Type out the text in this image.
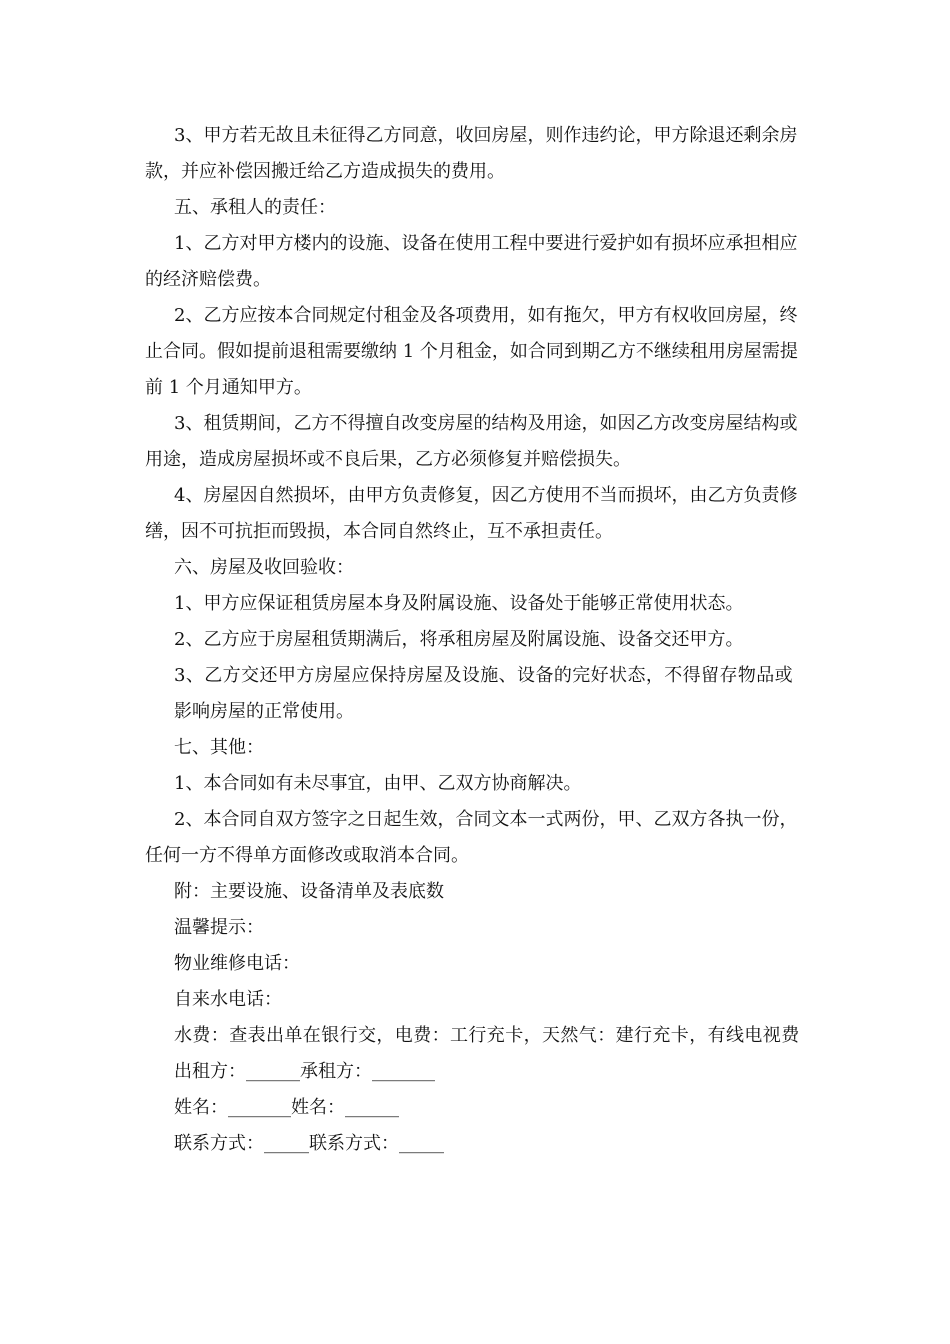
3、甲方若无故且未征得乙方同意，收回房屋，则作违约论，甲方除退还剩余房款，并应补偿因搬迁给乙方造成损失的费用。

五、承租人的责任：

1、乙方对甲方楼内的设施、设备在使用工程中要进行爱护如有损坏应承担相应的经济赔偿费。

2、乙方应按本合同规定付租金及各项费用，如有拖欠，甲方有权收回房屋，终止合同。假如提前退租需要缴纳 1 个月租金，如合同到期乙方不继续租用房屋需提前 1 个月通知甲方。

3、租赁期间，乙方不得擅自改变房屋的结构及用途，如因乙方改变房屋结构或用途，造成房屋损坏或不良后果，乙方必须修复并赔偿损失。

4、房屋因自然损坏，由甲方负责修复，因乙方使用不当而损坏，由乙方负责修缮，因不可抗拒而毁损，本合同自然终止，互不承担责任。

六、房屋及收回验收：

1、甲方应保证租赁房屋本身及附属设施、设备处于能够正常使用状态。

2、乙方应于房屋租赁期满后，将承租房屋及附属设施、设备交还甲方。

3、乙方交还甲方房屋应保持房屋及设施、设备的完好状态，不得留存物品或

影响房屋的正常使用。

七、其他：

1、本合同如有未尽事宜，由甲、乙双方协商解决。

2、本合同自双方签字之日起生效，合同文本一式两份，甲、乙双方各执一份，任何一方不得单方面修改或取消本合同。

附：主要设施、设备清单及表底数

温馨提示：

物业维修电话：

自来水电话：

水费：查表出单在银行交，电费：工行充卡，天然气：建行充卡，有线电视费

出租方：______承租方：_______

姓名：_______姓名：______

联系方式：_____联系方式：_____
